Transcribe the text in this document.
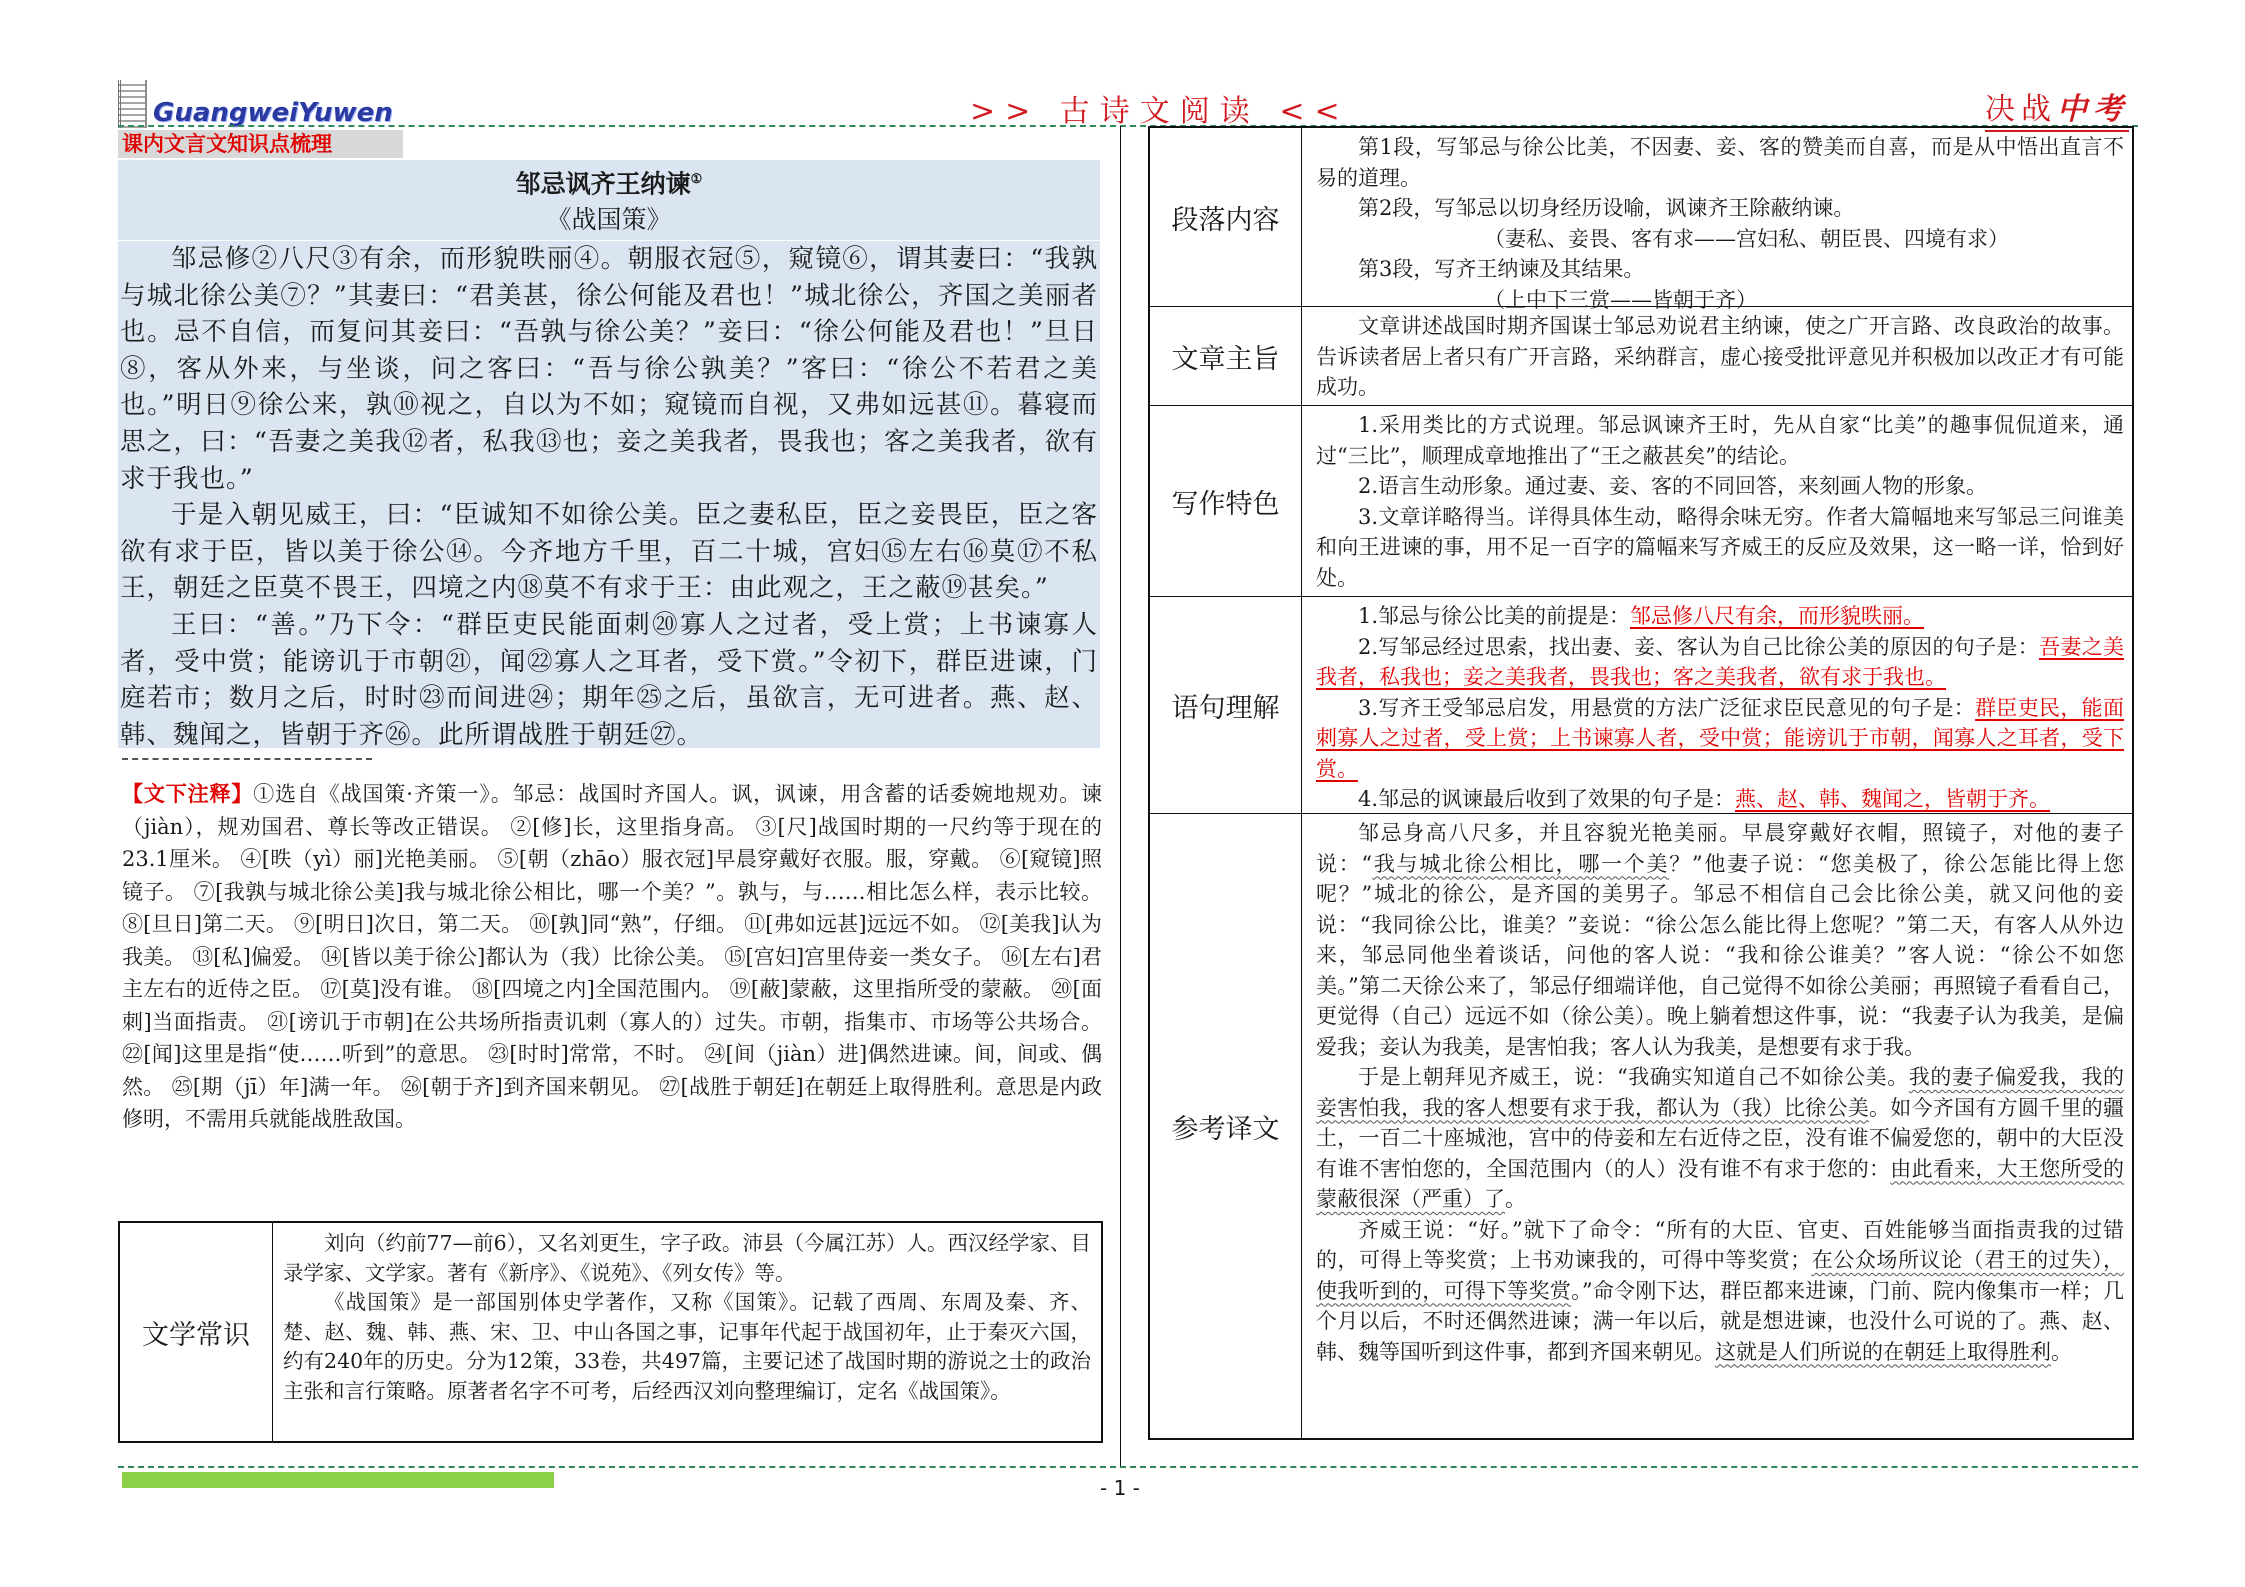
GuangweiYuwen	>> 古诗文阅读 <<	决战中考
课内文言文知识点梳理
邹忌讽齐王纳谏①
《战国策》

邹忌修②八尺③有余，而形貌昳丽④。朝服衣冠⑤，窥镜⑥，谓其妻曰：“我孰与城北徐公美⑦？”其妻曰：“君美甚，徐公何能及君也！”城北徐公，齐国之美丽者也。忌不自信，而复问其妾曰：“吾孰与徐公美？”妾曰：“徐公何能及君也！”旦日⑧，客从外来，与坐谈，问之客曰：“吾与徐公孰美？”客曰：“徐公不若君之美也。”明日⑨徐公来，孰⑩视之，自以为不如；窥镜而自视，又弗如远甚⑪。暮寝而思之，曰：“吾妻之美我⑫者，私我⑬也；妾之美我者，畏我也；客之美我者，欲有求于我也。”

于是入朝见威王，曰：“臣诚知不如徐公美。臣之妻私臣，臣之妾畏臣，臣之客欲有求于臣，皆以美于徐公⑭。今齐地方千里，百二十城，宫妇⑮左右⑯莫⑰不私王，朝廷之臣莫不畏王，四境之内⑱莫不有求于王：由此观之，王之蔽⑲甚矣。”

王曰：“善。”乃下令：“群臣吏民能面刺⑳寡人之过者，受上赏；上书谏寡人者，受中赏；能谤讥于市朝㉑，闻㉒寡人之耳者，受下赏。”令初下，群臣进谏，门庭若市；数月之后，时时㉓而间进㉔；期年㉕之后，虽欲言，无可进者。燕、赵、韩、魏闻之，皆朝于齐㉖。此所谓战胜于朝廷㉗。

【文下注释】①选自《战国策·齐策一》。邹忌：战国时齐国人。讽，讽谏，用含蓄的话委婉地规劝。谏（jiàn），规劝国君、尊长等改正错误。 ②[修]长，这里指身高。 ③[尺]战国时期的一尺约等于现在的23.1厘米。 ④[昳（yì）丽]光艳美丽。 ⑤[朝（zhāo）服衣冠]早晨穿戴好衣服。服，穿戴。 ⑥[窥镜]照镜子。 ⑦[我孰与城北徐公美]我与城北徐公相比，哪一个美？”。孰与，与……相比怎么样，表示比较。 ⑧[旦日]第二天。 ⑨[明日]次日，第二天。 ⑩[孰]同“熟”，仔细。 ⑪[弗如远甚]远远不如。 ⑫[美我]认为我美。 ⑬[私]偏爱。 ⑭[皆以美于徐公]都认为（我）比徐公美。 ⑮[宫妇]宫里侍妾一类女子。 ⑯[左右]君主左右的近侍之臣。 ⑰[莫]没有谁。 ⑱[四境之内]全国范围内。 ⑲[蔽]蒙蔽，这里指所受的蒙蔽。 ⑳[面刺]当面指责。 ㉑[谤讥于市朝]在公共场所指责讥刺（寡人的）过失。市朝，指集市、市场等公共场合。 ㉒[闻]这里是指“使……听到”的意思。 ㉓[时时]常常，不时。 ㉔[间（jiàn）进]偶然进谏。间，间或、偶然。 ㉕[期（jī）年]满一年。 ㉖[朝于齐]到齐国来朝见。 ㉗[战胜于朝廷]在朝廷上取得胜利。意思是内政修明，不需用兵就能战胜敌国。
文学常识

刘向（约前77—前6），又名刘更生，字子政。沛县（今属江苏）人。西汉经学家、目录学家、文学家。著有《新序》、《说苑》、《列女传》等。

《战国策》是一部国别体史学著作，又称《国策》。记载了西周、东周及秦、齐、楚、赵、魏、韩、燕、宋、卫、中山各国之事，记事年代起于战国初年，止于秦灭六国，约有240年的历史。分为12策，33卷，共497篇，主要记述了战国时期的游说之士的政治主张和言行策略。原著者名字不可考，后经西汉刘向整理编订，定名《战国策》。

段落内容

第1段，写邹忌与徐公比美，不因妻、妾、客的赞美而自喜，而是从中悟出直言不易的道理。

第2段，写邹忌以切身经历设喻，讽谏齐王除蔽纳谏。

（妻私、妾畏、客有求——宫妇私、朝臣畏、四境有求）

第3段，写齐王纳谏及其结果。

（上中下三赏——皆朝于齐）

文章主旨

文章讲述战国时期齐国谋士邹忌劝说君主纳谏，使之广开言路、改良政治的故事。告诉读者居上者只有广开言路，采纳群言，虚心接受批评意见并积极加以改正才有可能成功。

写作特色

1.采用类比的方式说理。邹忌讽谏齐王时，先从自家“比美”的趣事侃侃道来，通过“三比”，顺理成章地推出了“王之蔽甚矣”的结论。

2.语言生动形象。通过妻、妾、客的不同回答，来刻画人物的形象。

3.文章详略得当。详得具体生动，略得余味无穷。作者大篇幅地来写邹忌三问谁美和向王进谏的事，用不足一百字的篇幅来写齐威王的反应及效果，这一略一详，恰到好处。

语句理解

1.邹忌与徐公比美的前提是：邹忌修八尺有余，而形貌昳丽。

2.写邹忌经过思索，找出妻、妾、客认为自己比徐公美的原因的句子是：吾妻之美我者，私我也；妾之美我者，畏我也；客之美我者，欲有求于我也。

3.写齐王受邹忌启发，用悬赏的方法广泛征求臣民意见的句子是：群臣吏民，能面刺寡人之过者，受上赏；上书谏寡人者，受中赏；能谤讥于市朝，闻寡人之耳者，受下赏。

4.邹忌的讽谏最后收到了效果的句子是：燕、赵、韩、魏闻之，皆朝于齐。

参考译文

邹忌身高八尺多，并且容貌光艳美丽。早晨穿戴好衣帽，照镜子，对他的妻子说：“我与城北徐公相比，哪一个美？”他妻子说：“您美极了，徐公怎能比得上您呢？”城北的徐公，是齐国的美男子。邹忌不相信自己会比徐公美，就又问他的妾说：“我同徐公比，谁美？”妾说：“徐公怎么能比得上您呢？”第二天，有客人从外边来，邹忌同他坐着谈话，问他的客人说：“我和徐公谁美？”客人说：“徐公不如您美。”第二天徐公来了，邹忌仔细端详他，自己觉得不如徐公美丽；再照镜子看看自己，更觉得（自己）远远不如（徐公美）。晚上躺着想这件事，说：“我妻子认为我美，是偏爱我；妾认为我美，是害怕我；客人认为我美，是想要有求于我。

于是上朝拜见齐威王，说：“我确实知道自己不如徐公美。我的妻子偏爱我，我的妾害怕我，我的客人想要有求于我，都认为（我）比徐公美。如今齐国有方圆千里的疆土，一百二十座城池，宫中的侍妾和左右近侍之臣，没有谁不偏爱您的，朝中的大臣没有谁不害怕您的，全国范围内（的人）没有谁不有求于您的：由此看来，大王您所受的蒙蔽很深（严重）了。

齐威王说：“好。”就下了命令：“所有的大臣、官吏、百姓能够当面指责我的过错的，可得上等奖赏；上书劝谏我的，可得中等奖赏；在公众场所议论（君王的过失），使我听到的，可得下等奖赏。”命令刚下达，群臣都来进谏，门前、院内像集市一样；几个月以后，不时还偶然进谏；满一年以后，就是想进谏，也没什么可说的了。燕、赵、韩、魏等国听到这件事，都到齐国来朝见。这就是人们所说的在朝廷上取得胜利。

- 1 -
